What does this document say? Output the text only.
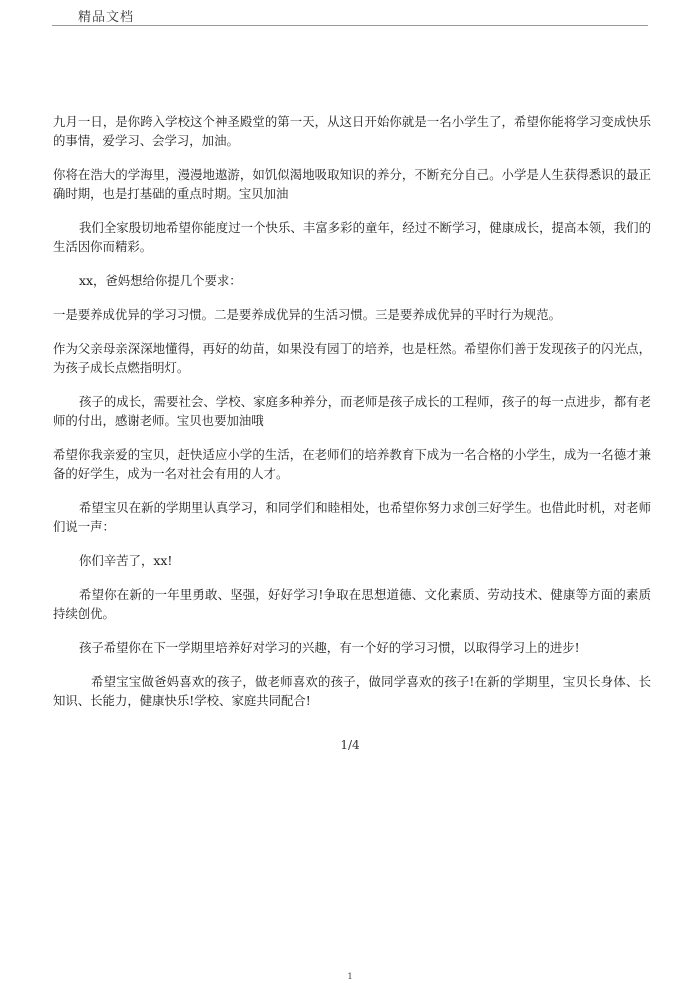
精品文档

九月一日，是你跨入学校这个神圣殿堂的第一天，从这日开始你就是一名小学生了，希望你能将学习变成快乐的事情，爱学习、会学习，加油。

你将在浩大的学海里，漫漫地遨游，如饥似渴地吸取知识的养分，不断充分自己。小学是人生获得悉识的最正确时期，也是打基础的重点时期。宝贝加油

我们全家殷切地希望你能度过一个快乐、丰富多彩的童年，经过不断学习，健康成长，提高本领，我们的生活因你而精彩。

xx，爸妈想给你提几个要求：

一是要养成优异的学习习惯。二是要养成优异的生活习惯。三是要养成优异的平时行为规范。

作为父亲母亲深深地懂得，再好的幼苗，如果没有园丁的培养，也是枉然。希望你们善于发现孩子的闪光点，为孩子成长点燃指明灯。

孩子的成长，需要社会、学校、家庭多种养分，而老师是孩子成长的工程师，孩子的每一点进步，都有老师的付出，感谢老师。宝贝也要加油哦

希望你我亲爱的宝贝，赶快适应小学的生活，在老师们的培养教育下成为一名合格的小学生，成为一名德才兼备的好学生，成为一名对社会有用的人才。

希望宝贝在新的学期里认真学习，和同学们和睦相处，也希望你努力求创三好学生。也借此时机，对老师们说一声：

你们辛苦了，xx!

希望你在新的一年里勇敢、坚强，好好学习!争取在思想道德、文化素质、劳动技术、健康等方面的素质持续创优。

孩子希望你在下一学期里培养好对学习的兴趣，有一个好的学习习惯，以取得学习上的进步!

希望宝宝做爸妈喜欢的孩子，做老师喜欢的孩子，做同学喜欢的孩子!在新的学期里，宝贝长身体、长知识、长能力，健康快乐!学校、家庭共同配合!

1/4
1
